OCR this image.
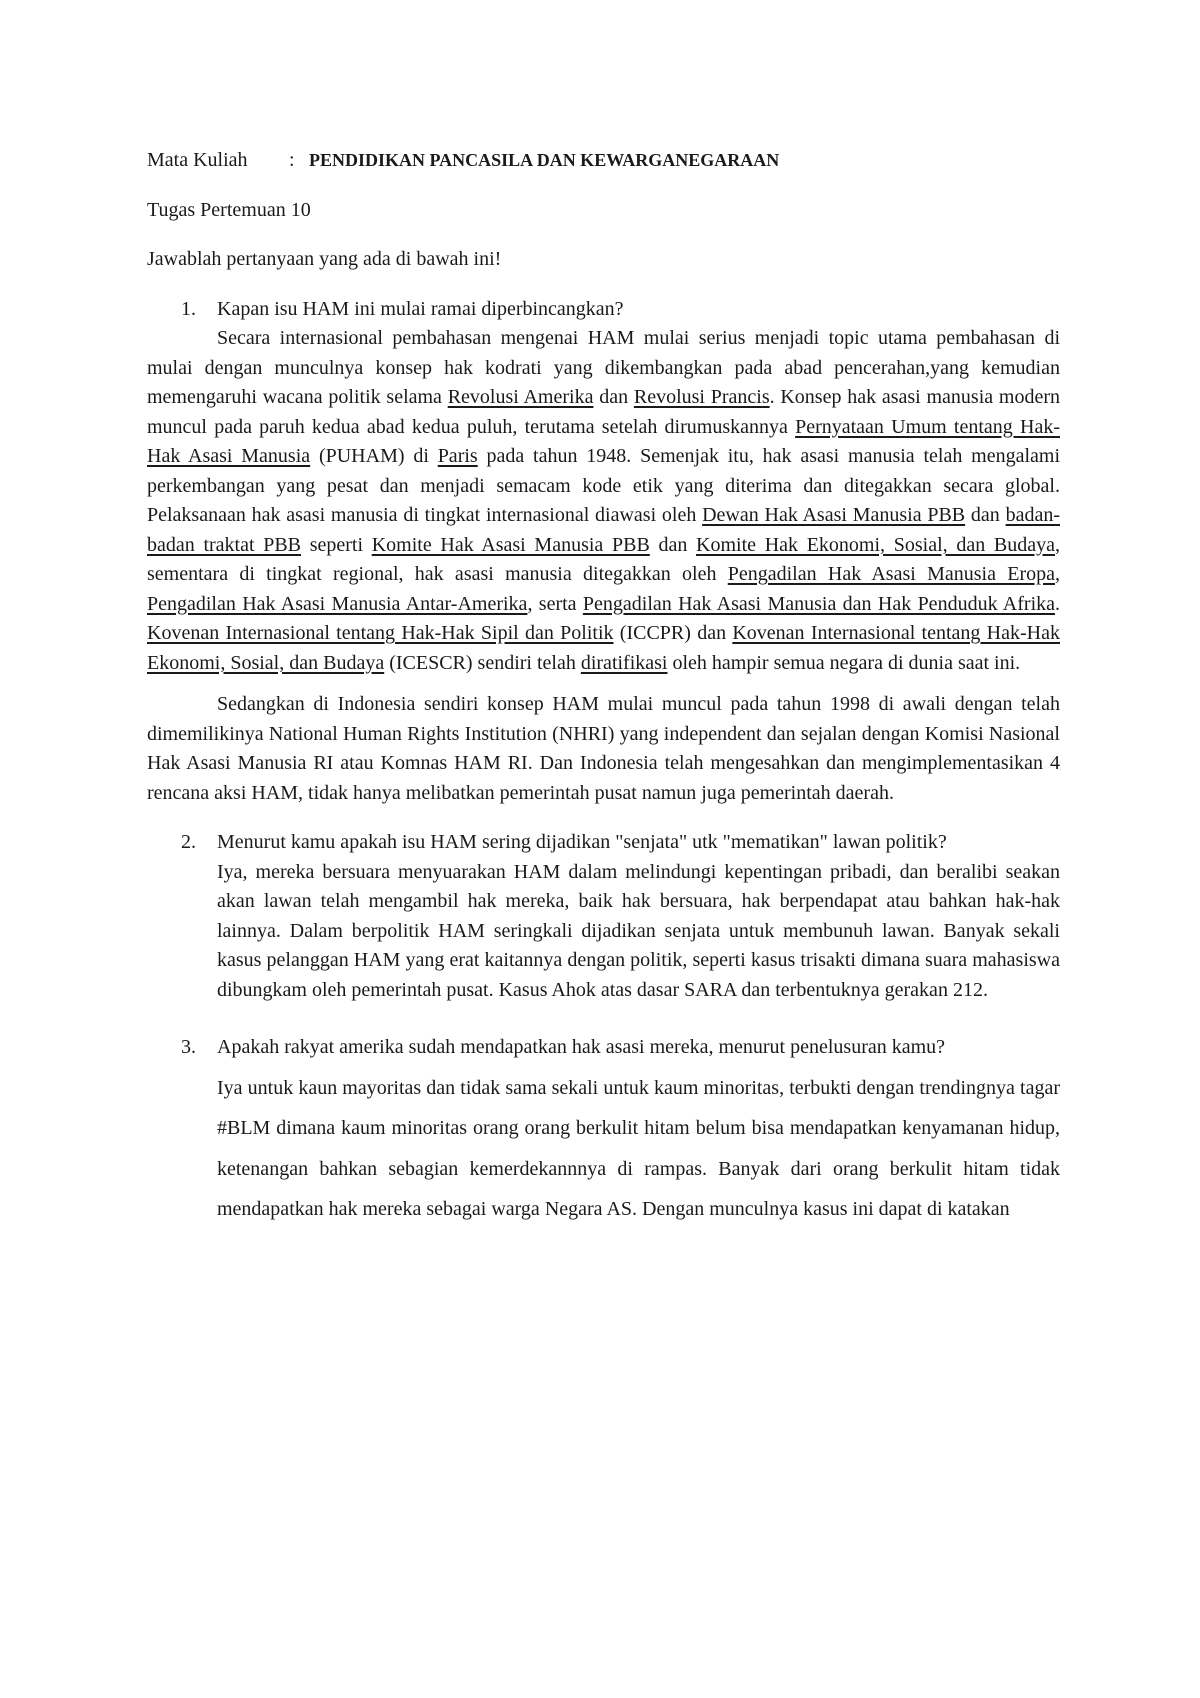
Mata Kuliah : PENDIDIKAN PANCASILA DAN KEWARGANEGARAAN

Tugas Pertemuan 10

Jawablah pertanyaan yang ada di bawah ini!

1. Kapan isu HAM ini mulai ramai diperbincangkan?

Secara internasional pembahasan mengenai HAM mulai serius menjadi topic utama pembahasan di mulai dengan munculnya konsep hak kodrati yang dikembangkan pada abad pencerahan,yang kemudian memengaruhi wacana politik selama Revolusi Amerika dan Revolusi Prancis. Konsep hak asasi manusia modern muncul pada paruh kedua abad kedua puluh, terutama setelah dirumuskannya Pernyataan Umum tentang Hak-Hak Asasi Manusia (PUHAM) di Paris pada tahun 1948. Semenjak itu, hak asasi manusia telah mengalami perkembangan yang pesat dan menjadi semacam kode etik yang diterima dan ditegakkan secara global. Pelaksanaan hak asasi manusia di tingkat internasional diawasi oleh Dewan Hak Asasi Manusia PBB dan badan-badan traktat PBB seperti Komite Hak Asasi Manusia PBB dan Komite Hak Ekonomi, Sosial, dan Budaya, sementara di tingkat regional, hak asasi manusia ditegakkan oleh Pengadilan Hak Asasi Manusia Eropa, Pengadilan Hak Asasi Manusia Antar-Amerika, serta Pengadilan Hak Asasi Manusia dan Hak Penduduk Afrika. Kovenan Internasional tentang Hak-Hak Sipil dan Politik (ICCPR) dan Kovenan Internasional tentang Hak-Hak Ekonomi, Sosial, dan Budaya (ICESCR) sendiri telah diratifikasi oleh hampir semua negara di dunia saat ini.

Sedangkan di Indonesia sendiri konsep HAM mulai muncul pada tahun 1998 di awali dengan telah dimemilikinya National Human Rights Institution (NHRI) yang independent dan sejalan dengan Komisi Nasional Hak Asasi Manusia RI atau Komnas HAM RI. Dan Indonesia telah mengesahkan dan mengimplementasikan 4 rencana aksi HAM, tidak hanya melibatkan pemerintah pusat namun juga pemerintah daerah.

2. Menurut kamu apakah isu HAM sering dijadikan "senjata" utk "mematikan" lawan politik?

Iya, mereka bersuara menyuarakan HAM dalam melindungi kepentingan pribadi, dan beralibi seakan akan lawan telah mengambil hak mereka, baik hak bersuara, hak berpendapat atau bahkan hak-hak lainnya. Dalam berpolitik HAM seringkali dijadikan senjata untuk membunuh lawan. Banyak sekali kasus pelanggan HAM yang erat kaitannya dengan politik, seperti kasus trisakti dimana suara mahasiswa dibungkam oleh pemerintah pusat. Kasus Ahok atas dasar SARA dan terbentuknya gerakan 212.

3. Apakah rakyat amerika sudah mendapatkan hak asasi mereka, menurut penelusuran kamu?

Iya untuk kaun mayoritas dan tidak sama sekali untuk kaum minoritas, terbukti dengan trendingnya tagar #BLM dimana kaum minoritas orang orang berkulit hitam belum bisa mendapatkan kenyamanan hidup, ketenangan bahkan sebagian kemerdekannnya di rampas. Banyak dari orang berkulit hitam tidak mendapatkan hak mereka sebagai warga Negara AS. Dengan munculnya kasus ini dapat di katakan
